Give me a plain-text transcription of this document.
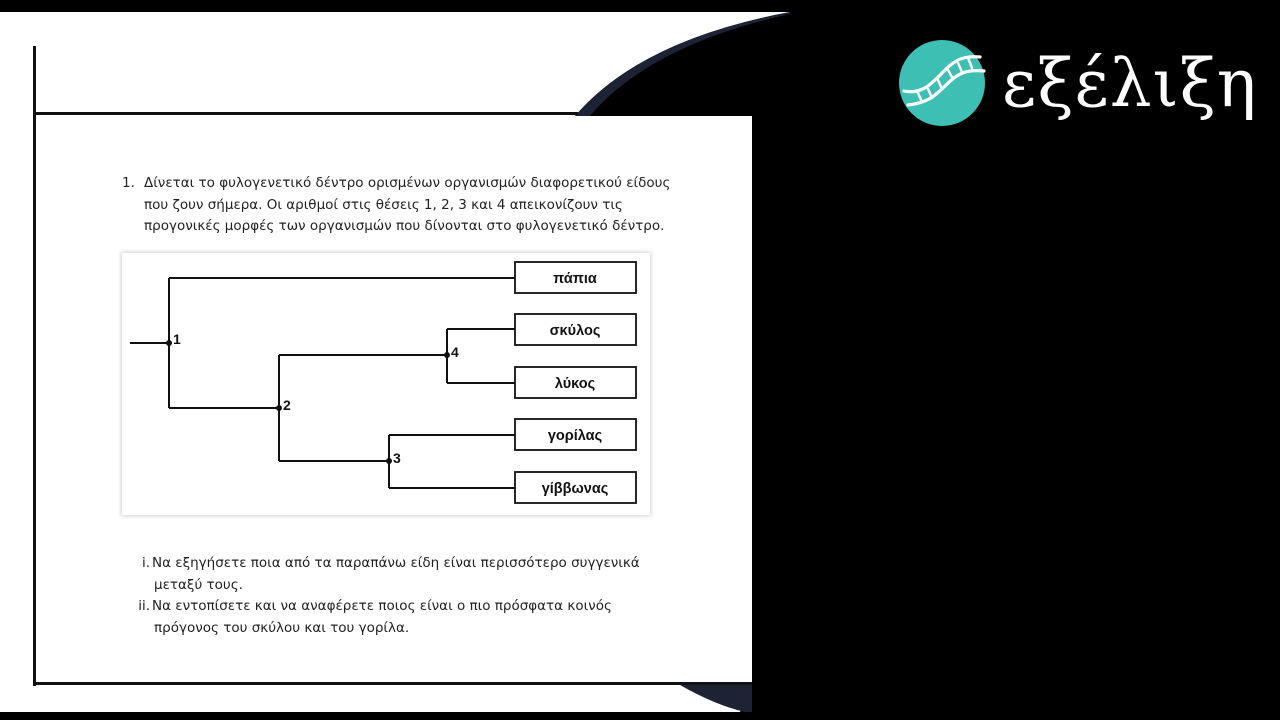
1. Δίνεται το φυλογενετικό δέντρο ορισμένων οργανισμών διαφορετικού είδους
που ζουν σήμερα. Οι αριθμοί στις θέσεις 1, 2, 3 και 4 απεικονίζουν τις
προγονικές μορφές των οργανισμών που δίνονται στο φυλογενετικό δέντρο.
1
2
3
4
πάπια
σκύλος
λύκος
γορίλας
γίββωνας
i. Να εξηγήσετε ποια από τα παραπάνω είδη είναι περισσότερο συγγενικά
μεταξύ τους.
ii. Να εντοπίσετε και να αναφέρετε ποιος είναι ο πιο πρόσφατα κοινός
πρόγονος του σκύλου και του γορίλα.
εξέλιξη
